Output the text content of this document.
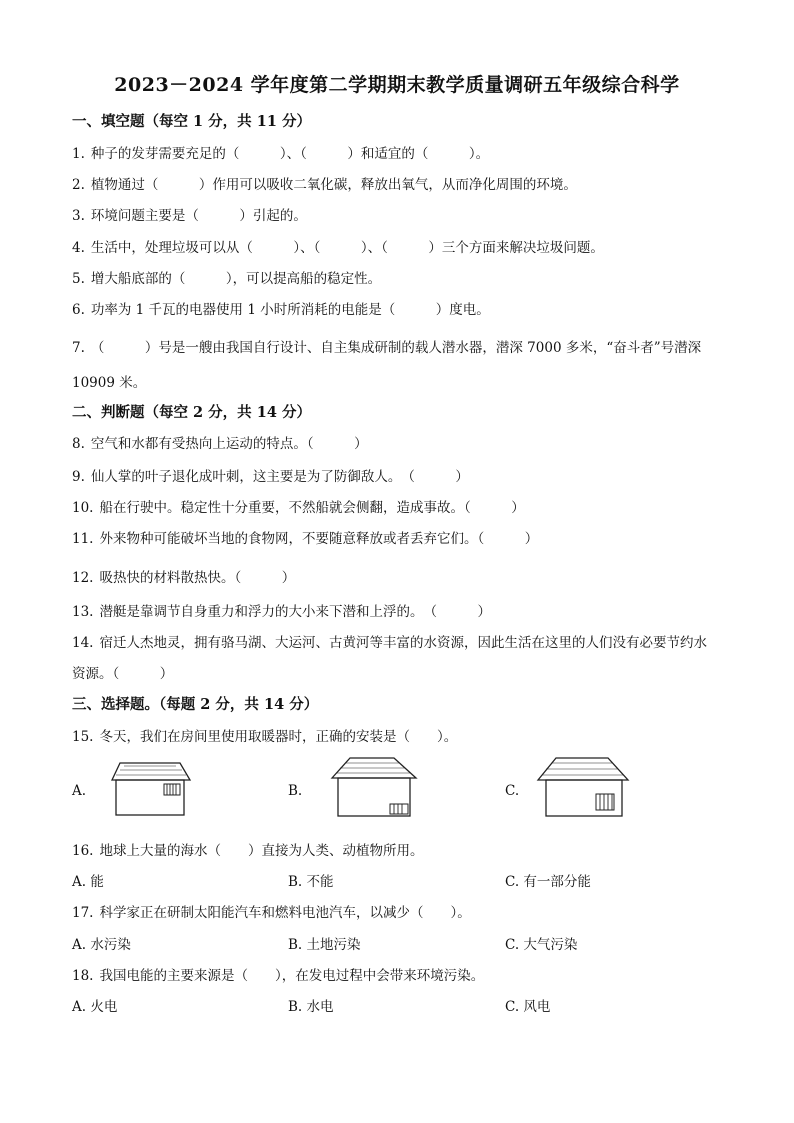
2023－2024 学年度第二学期期末教学质量调研五年级综合科学
一、填空题（每空 1 分，共 11 分）
1. 种子的发芽需要充足的（　　　）、（　　　）和适宜的（　　　）。
2. 植物通过（　　　）作用可以吸收二氧化碳，释放出氧气，从而净化周围的环境。
3. 环境问题主要是（　　　）引起的。
4. 生活中，处理垃圾可以从（　　　）、（　　　）、（　　　）三个方面来解决垃圾问题。
5. 增大船底部的（　　　），可以提高船的稳定性。
6. 功率为 1 千瓦的电器使用 1 小时所消耗的电能是（　　　）度电。
7. （　　　）号是一艘由我国自行设计、自主集成研制的载人潜水器，潜深 7000 多米，“奋斗者”号潜深
10909 米。
二、判断题（每空 2 分，共 14 分）
8. 空气和水都有受热向上运动的特点。（　　　）
9. 仙人掌的叶子退化成叶刺，这主要是为了防御敌人。　（　　　）
10. 船在行驶中。稳定性十分重要，不然船就会侧翻，造成事故。（　　　）
11. 外来物种可能破坏当地的食物网，不要随意释放或者丢弃它们。（　　　）
12. 吸热快的材料散热快。（　　　）
13. 潜艇是靠调节自身重力和浮力的大小来下潜和上浮的。　（　　　）
14. 宿迁人杰地灵，拥有骆马湖、大运河、古黄河等丰富的水资源，因此生活在这里的人们没有必要节约水
资源。（　　　）
三、选择题。（每题 2 分，共 14 分）
15. 冬天，我们在房间里使用取暖器时，正确的安装是（　　）。
A.	B.	C.
16. 地球上大量的海水（　　）直接为人类、动植物所用。
A. 能	B. 不能	C. 有一部分能
17. 科学家正在研制太阳能汽车和燃料电池汽车，以减少（　　）。
A. 水污染	B. 土地污染	C. 大气污染
18. 我国电能的主要来源是（　　），在发电过程中会带来环境污染。
A. 火电	B. 水电	C. 风电
